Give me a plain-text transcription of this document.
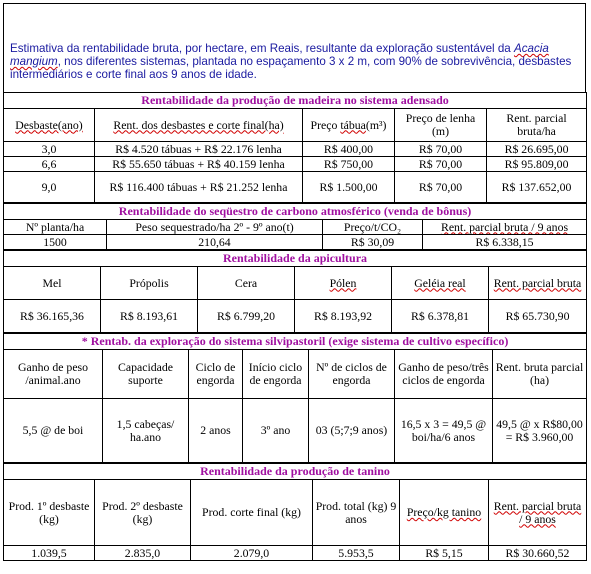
Estimativa da rentabilidade bruta, por hectare, em Reais, resultante da exploração sustentável da Acacia mangium, nos diferentes sistemas, plantada no espaçamento 3 x 2 m, com 90% de sobrevivência, desbastes intermediários e corte final aos 9 anos de idade.
Rentabilidade da produção de madeira no sistema adensado				
Desbaste(ano)	Rent. dos desbastes e corte final(ha)	Preço tábua(m³)	Preço de lenha (m)	Rent. parcial bruta/ha
3,0	R$ 4.520 tábuas + R$ 22.176 lenha	R$ 400,00	R$ 70,00	R$ 26.695,00
6,6	R$ 55.650 tábuas + R$ 40.159 lenha	R$ 750,00	R$ 70,00	R$ 95.809,00
9,0	R$ 116.400 tábuas + R$ 21.252 lenha	R$ 1.500,00	R$ 70,00	R$ 137.652,00
Rentabilidade do seqüestro de carbono atmosférico (venda de bônus)			
Nº planta/ha	Peso sequestrado/ha 2º - 9º ano(t)	Preço/t/CO₂	Rent. parcial bruta / 9 anos
1500	210,64	R$ 30,09	R$ 6.338,15
Rentabilidade da apicultura					
Mel	Própolis	Cera	Pólen	Geléia real	Rent. parcial bruta
R$ 36.165,36	R$ 8.193,61	R$ 6.799,20	R$ 8.193,92	R$ 6.378,81	R$ 65.730,90
* Rentab. da exploração do sistema silvipastoril (exige sistema de cultivo específico)						
Ganho de peso /animal.ano	Capacidade suporte	Ciclo de engorda	Início ciclo de engorda	Nº de ciclos de engorda	Ganho de peso/três ciclos de engorda	Rent. bruta parcial (ha)
5,5 @ de boi	1,5 cabeças/ ha.ano	2 anos	3º ano	03 (5;7;9 anos)	16,5 x 3 = 49,5 @ boi/ha/6 anos	49,5 @ x R$80,00 = R$ 3.960,00
Rentabilidade da produção de tanino					
Prod. 1º desbaste (kg)	Prod. 2º desbaste (kg)	Prod. corte final (kg)	Prod. total (kg) 9 anos	Preço/kg tanino	Rent. parcial bruta / 9 anos
1.039,5	2.835,0	2.079,0	5.953,5	R$ 5,15	R$ 30.660,52
